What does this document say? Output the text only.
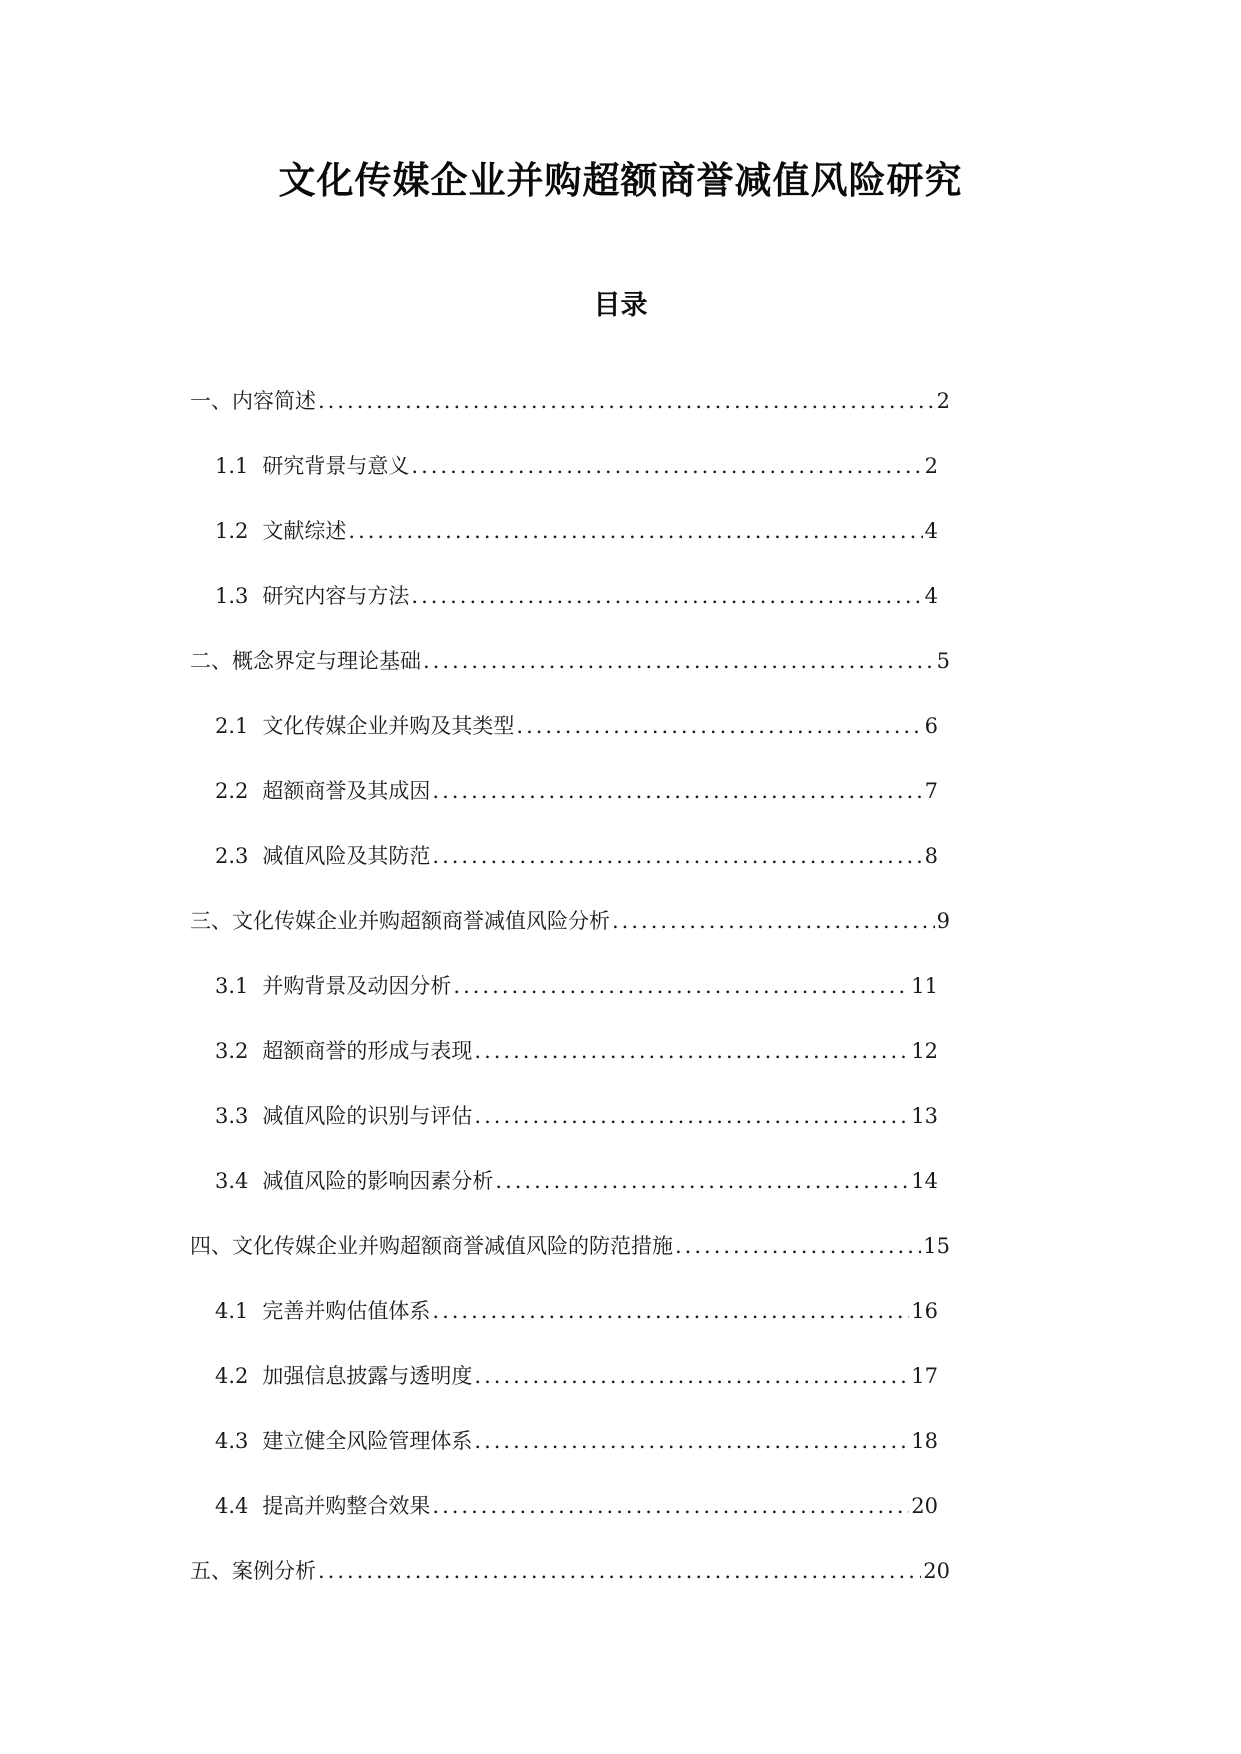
文化传媒企业并购超额商誉减值风险研究
目录
一、内容简述 .....	2
1.1 研究背景与意义 .....	2
1.2 文献综述 .....	4
1.3 研究内容与方法 .....	4
二、概念界定与理论基础 .....	5
2.1 文化传媒企业并购及其类型 .....	6
2.2 超额商誉及其成因 .....	7
2.3 减值风险及其防范 .....	8
三、文化传媒企业并购超额商誉减值风险分析 .....	9
3.1 并购背景及动因分析 .....	11
3.2 超额商誉的形成与表现 .....	12
3.3 减值风险的识别与评估 .....	13
3.4 减值风险的影响因素分析 .....	14
四、文化传媒企业并购超额商誉减值风险的防范措施 .....	15
4.1 完善并购估值体系 .....	16
4.2 加强信息披露与透明度 .....	17
4.3 建立健全风险管理体系 .....	18
4.4 提高并购整合效果 .....	20
五、案例分析 .....	20
